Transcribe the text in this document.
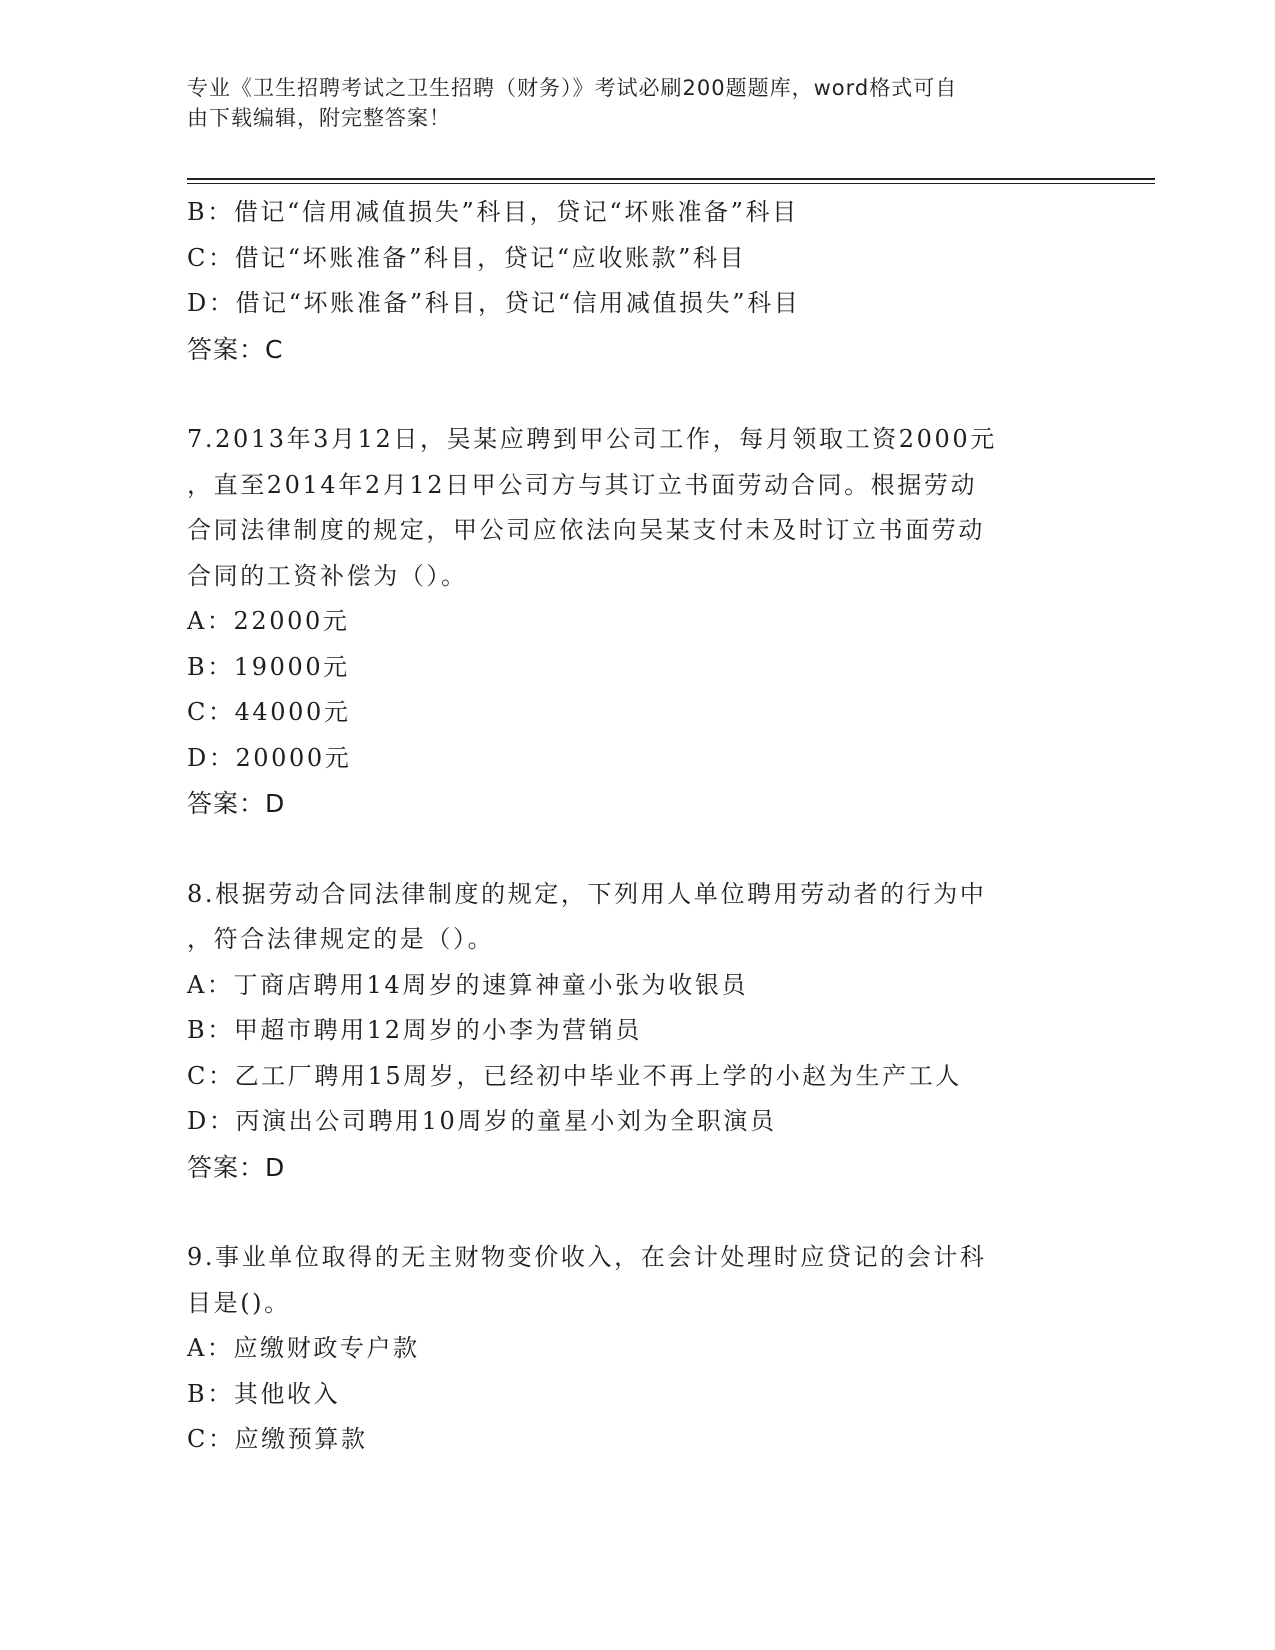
专业《卫生招聘考试之卫生招聘（财务）》考试必刷200题题库，word格式可自
由下载编辑，附完整答案！
B：借记“信用减值损失”科目，贷记“坏账准备”科目
C：借记“坏账准备”科目，贷记“应收账款”科目
D：借记“坏账准备”科目，贷记“信用减值损失”科目
答案：C
7.2013年3月12日，吴某应聘到甲公司工作，每月领取工资2000元
，直至2014年2月12日甲公司方与其订立书面劳动合同。根据劳动
合同法律制度的规定，甲公司应依法向吴某支付未及时订立书面劳动
合同的工资补偿为（）。
A：22000元
B：19000元
C：44000元
D：20000元
答案：D
8.根据劳动合同法律制度的规定，下列用人单位聘用劳动者的行为中
，符合法律规定的是（）。
A：丁商店聘用14周岁的速算神童小张为收银员
B：甲超市聘用12周岁的小李为营销员
C：乙工厂聘用15周岁，已经初中毕业不再上学的小赵为生产工人
D：丙演出公司聘用10周岁的童星小刘为全职演员
答案：D
9.事业单位取得的无主财物变价收入，在会计处理时应贷记的会计科
目是()。
A：应缴财政专户款
B：其他收入
C：应缴预算款
